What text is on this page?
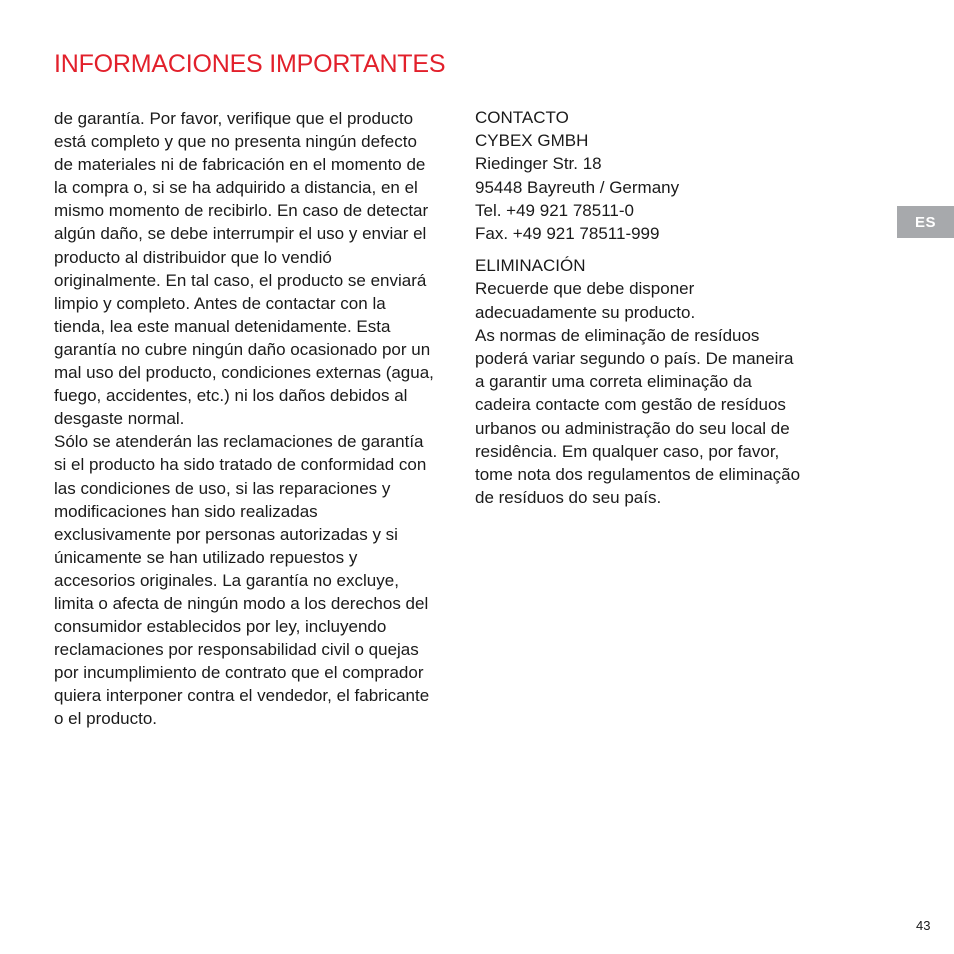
INFORMACIONES IMPORTANTES

de garantía. Por favor, verifique que el producto está completo y que no presenta ningún defecto de materiales ni de fabricación en el momento de la compra o, si se ha adquirido a distancia, en el mismo momento de recibirlo. En caso de detectar algún daño, se debe interrumpir el uso y enviar el producto al distribuidor que lo vendió originalmente. En tal caso, el producto se enviará limpio y completo. Antes de contactar con la tienda, lea este manual detenidamente. Esta garantía no cubre ningún daño ocasionado por un mal uso del producto, condiciones externas (agua, fuego, accidentes, etc.) ni los daños debidos al desgaste normal.

Sólo se atenderán las reclamaciones de garantía si el producto ha sido tratado de conformidad con las condiciones de uso, si las reparaciones y modificaciones han sido realizadas exclusivamente por personas autorizadas y si únicamente se han utilizado repuestos y accesorios originales. La garantía no excluye, limita o afecta de ningún modo a los derechos del consumidor establecidos por ley, incluyendo reclamaciones por responsabilidad civil o quejas por incumplimiento de contrato que el comprador quiera interponer contra el vendedor, el fabricante o el producto.

CONTACTO
CYBEX GMBH
Riedinger Str. 18
95448 Bayreuth / Germany
Tel. +49 921 78511-0
Fax. +49 921 78511-999
ELIMINACIÓN
Recuerde que debe disponer
adecuadamente su producto.
As normas de eliminação de resíduos
poderá variar segundo o país. De maneira
a garantir uma correta eliminação da
cadeira contacte com gestão de resíduos
urbanos ou administração do seu local de
residência. Em qualquer caso, por favor,
tome nota dos regulamentos de eliminação
de resíduos do seu país.
ES
43
